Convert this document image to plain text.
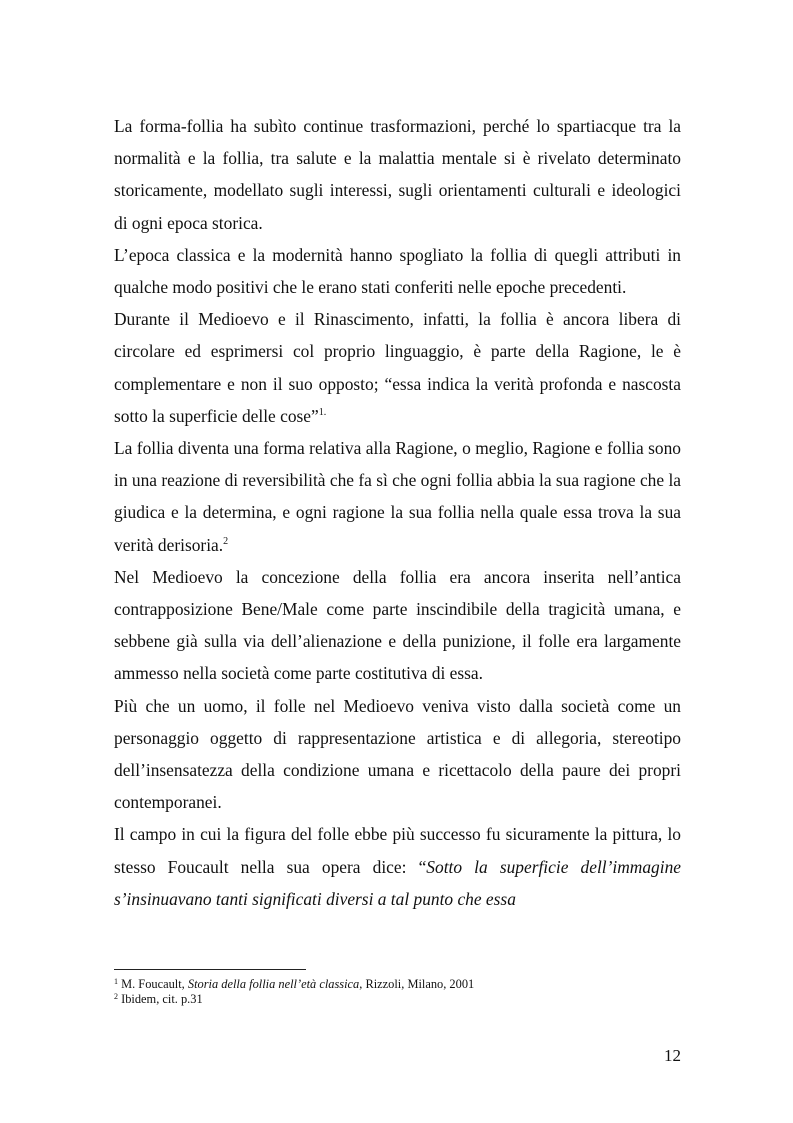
La forma-follia ha subìto continue trasformazioni, perché lo spartiacque tra la normalità e la follia, tra salute e la malattia mentale si è rivelato determinato storicamente, modellato sugli interessi, sugli orientamenti culturali e ideologici di ogni epoca storica.

L’epoca classica e la modernità hanno spogliato la follia di quegli attributi in qualche modo positivi che le erano stati conferiti nelle epoche precedenti.

Durante il Medioevo e il Rinascimento, infatti, la follia è ancora libera di circolare ed esprimersi col proprio linguaggio, è parte della Ragione, le è complementare e non il suo opposto; “essa indica la verità profonda e nascosta sotto la superficie delle cose”$^{1.}$

La follia diventa una forma relativa alla Ragione, o meglio, Ragione e follia sono in una reazione di reversibilità che fa sì che ogni follia abbia la sua ragione che la giudica e la determina, e ogni ragione la sua follia nella quale essa trova la sua verità derisoria.$^2$

Nel Medioevo la concezione della follia era ancora inserita nell’antica contrapposizione Bene/Male come parte inscindibile della tragicità umana, e sebbene già sulla via dell’alienazione e della punizione, il folle era largamente ammesso nella società come parte costitutiva di essa.

Più che un uomo, il folle nel Medioevo veniva visto dalla società come un personaggio oggetto di rappresentazione artistica e di allegoria, stereotipo dell’insensatezza della condizione umana e ricettacolo della paure dei propri contemporanei.

Il campo in cui la figura del folle ebbe più successo fu sicuramente la pittura, lo stesso Foucault nella sua opera dice: “Sotto la superficie dell’immagine s’insinuavano tanti significati diversi a tal punto che essa

$^1$ M. Foucault, Storia della follia nell’età classica, Rizzoli, Milano, 2001
$^2$ Ibidem, cit. p.31
12
